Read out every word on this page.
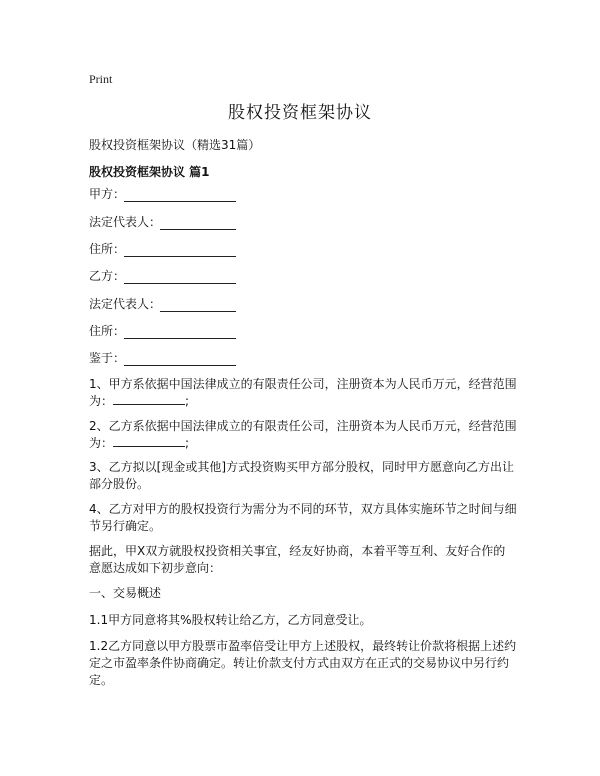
Print
股权投资框架协议
股权投资框架协议（精选31篇）
股权投资框架协议 篇1
甲方：
法定代表人：
住所：
乙方：
法定代表人：
住所：
鉴于：

1、甲方系依据中国法律成立的有限责任公司，注册资本为人民币万元，经营范围
为：	;

2、乙方系依据中国法律成立的有限责任公司，注册资本为人民币万元，经营范围
为：	;

3、乙方拟以[现金或其他]方式投资购买甲方部分股权，同时甲方愿意向乙方出让部分股份。

4、乙方对甲方的股权投资行为需分为不同的环节，双方具体实施环节之时间与细节另行确定。

据此，甲X双方就股权投资相关事宜，经友好协商，本着平等互利、友好合作的意愿达成如下初步意向：

一、交易概述

1.1甲方同意将其%股权转让给乙方，乙方同意受让。

1.2乙方同意以甲方股票市盈率倍受让甲方上述股权，最终转让价款将根据上述约定之市盈率条件协商确定。转让价款支付方式由双方在正式的交易协议中另行约定。
